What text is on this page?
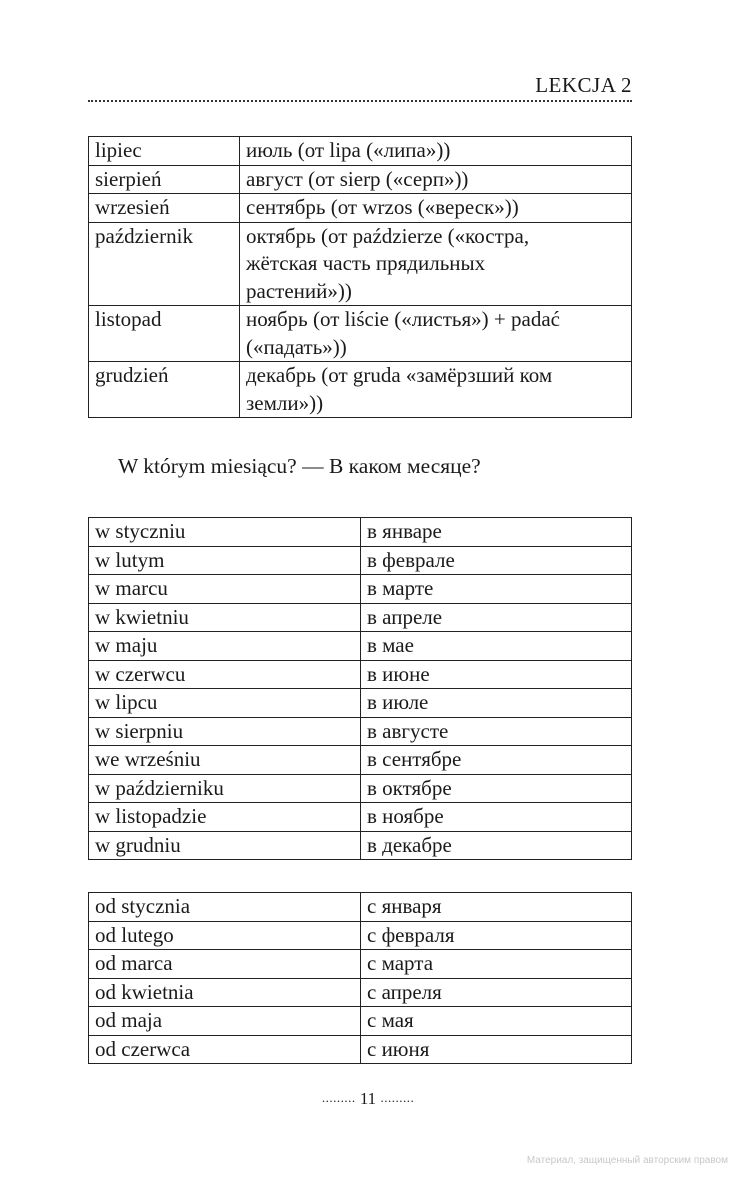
LEKCJA 2
lipiec	июль (от lipa («липа»))
sierpień	август (от sierp («серп»))
wrzesień	сентябрь (от wrzos («вереск»))
październik	октябрь (от paździerze («костра, жётская часть прядильных растений»))
listopad	ноябрь (от liście («листья») + padać («падать»))
grudzień	декабрь (от gruda «замёрзший ком земли»))
W którym miesiącu? — В каком месяце?
w styczniu	в январе
w lutym	в феврале
w marcu	в марте
w kwietniu	в апреле
w maju	в мае
w czerwcu	в июне
w lipcu	в июле
w sierpniu	в августе
we wrześniu	в сентябре
w październiku	в октябре
w listopadzie	в ноябре
w grudniu	в декабре
od stycznia	с января
od lutego	с февраля
od marca	с марта
od kwietnia	с апреля
od maja	с мая
od czerwca	с июня
......... 11 .........
Материал, защищенный авторским правом
